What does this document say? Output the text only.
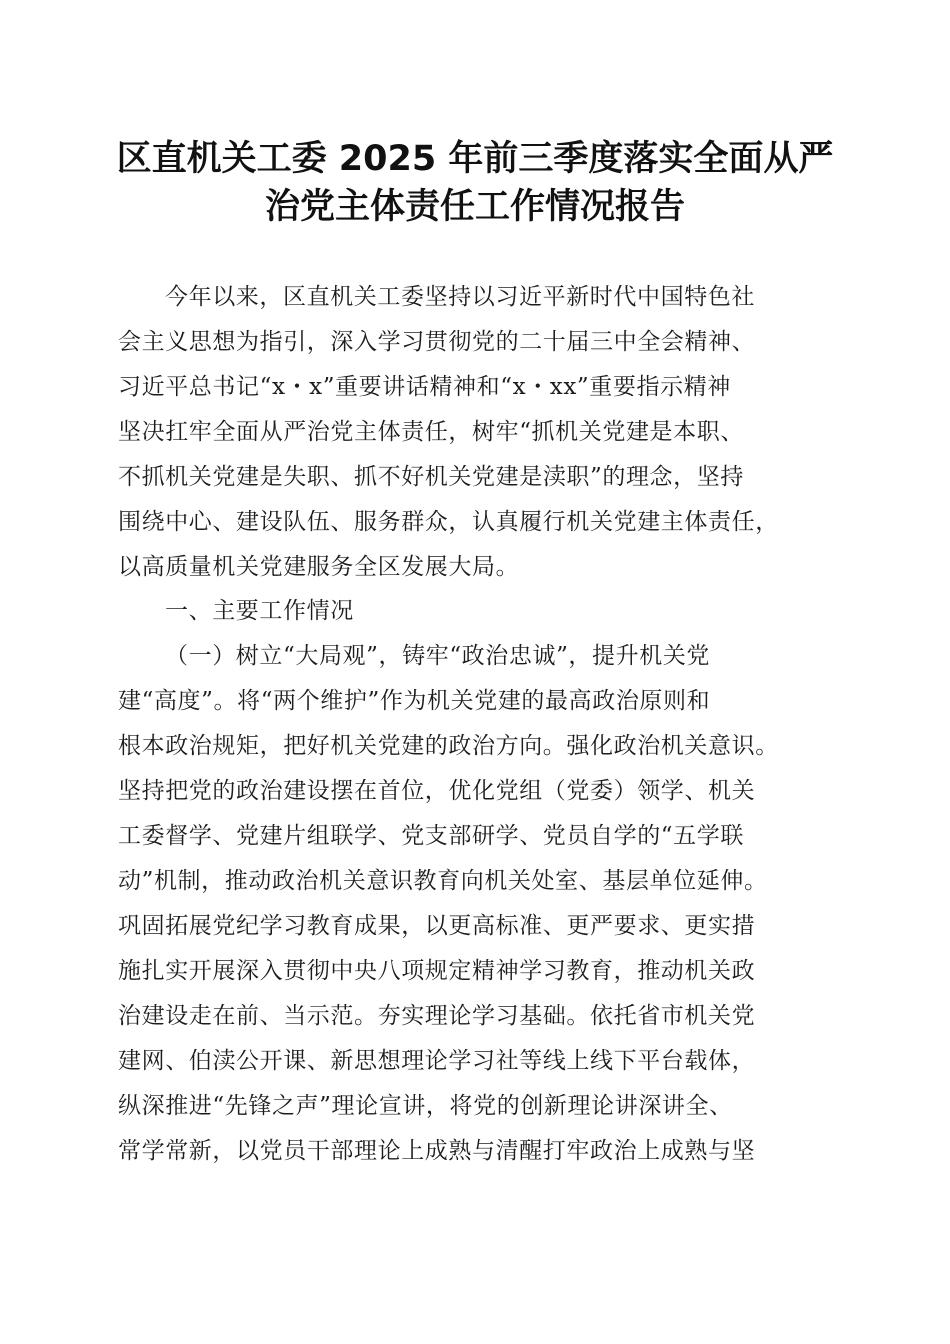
区直机关工委 2025 年前三季度落实全面从严
治党主体责任工作情况报告
今年以来，区直机关工委坚持以习近平新时代中国特色社
会主义思想为指引，深入学习贯彻党的二十届三中全会精神、
习近平总书记“x・x”重要讲话精神和“x・xx”重要指示精神
坚决扛牢全面从严治党主体责任，树牢“抓机关党建是本职、
不抓机关党建是失职、抓不好机关党建是渎职”的理念，坚持
围绕中心、建设队伍、服务群众，认真履行机关党建主体责任，
以高质量机关党建服务全区发展大局。
一、主要工作情况
（一）树立“大局观”，铸牢“政治忠诚”，提升机关党
建“高度”。将“两个维护”作为机关党建的最高政治原则和
根本政治规矩，把好机关党建的政治方向。强化政治机关意识。
坚持把党的政治建设摆在首位，优化党组（党委）领学、机关
工委督学、党建片组联学、党支部研学、党员自学的“五学联
动”机制，推动政治机关意识教育向机关处室、基层单位延伸。
巩固拓展党纪学习教育成果，以更高标准、更严要求、更实措
施扎实开展深入贯彻中央八项规定精神学习教育，推动机关政
治建设走在前、当示范。夯实理论学习基础。依托省市机关党
建网、伯渎公开课、新思想理论学习社等线上线下平台载体，
纵深推进“先锋之声”理论宣讲，将党的创新理论讲深讲全、
常学常新，以党员干部理论上成熟与清醒打牢政治上成熟与坚
